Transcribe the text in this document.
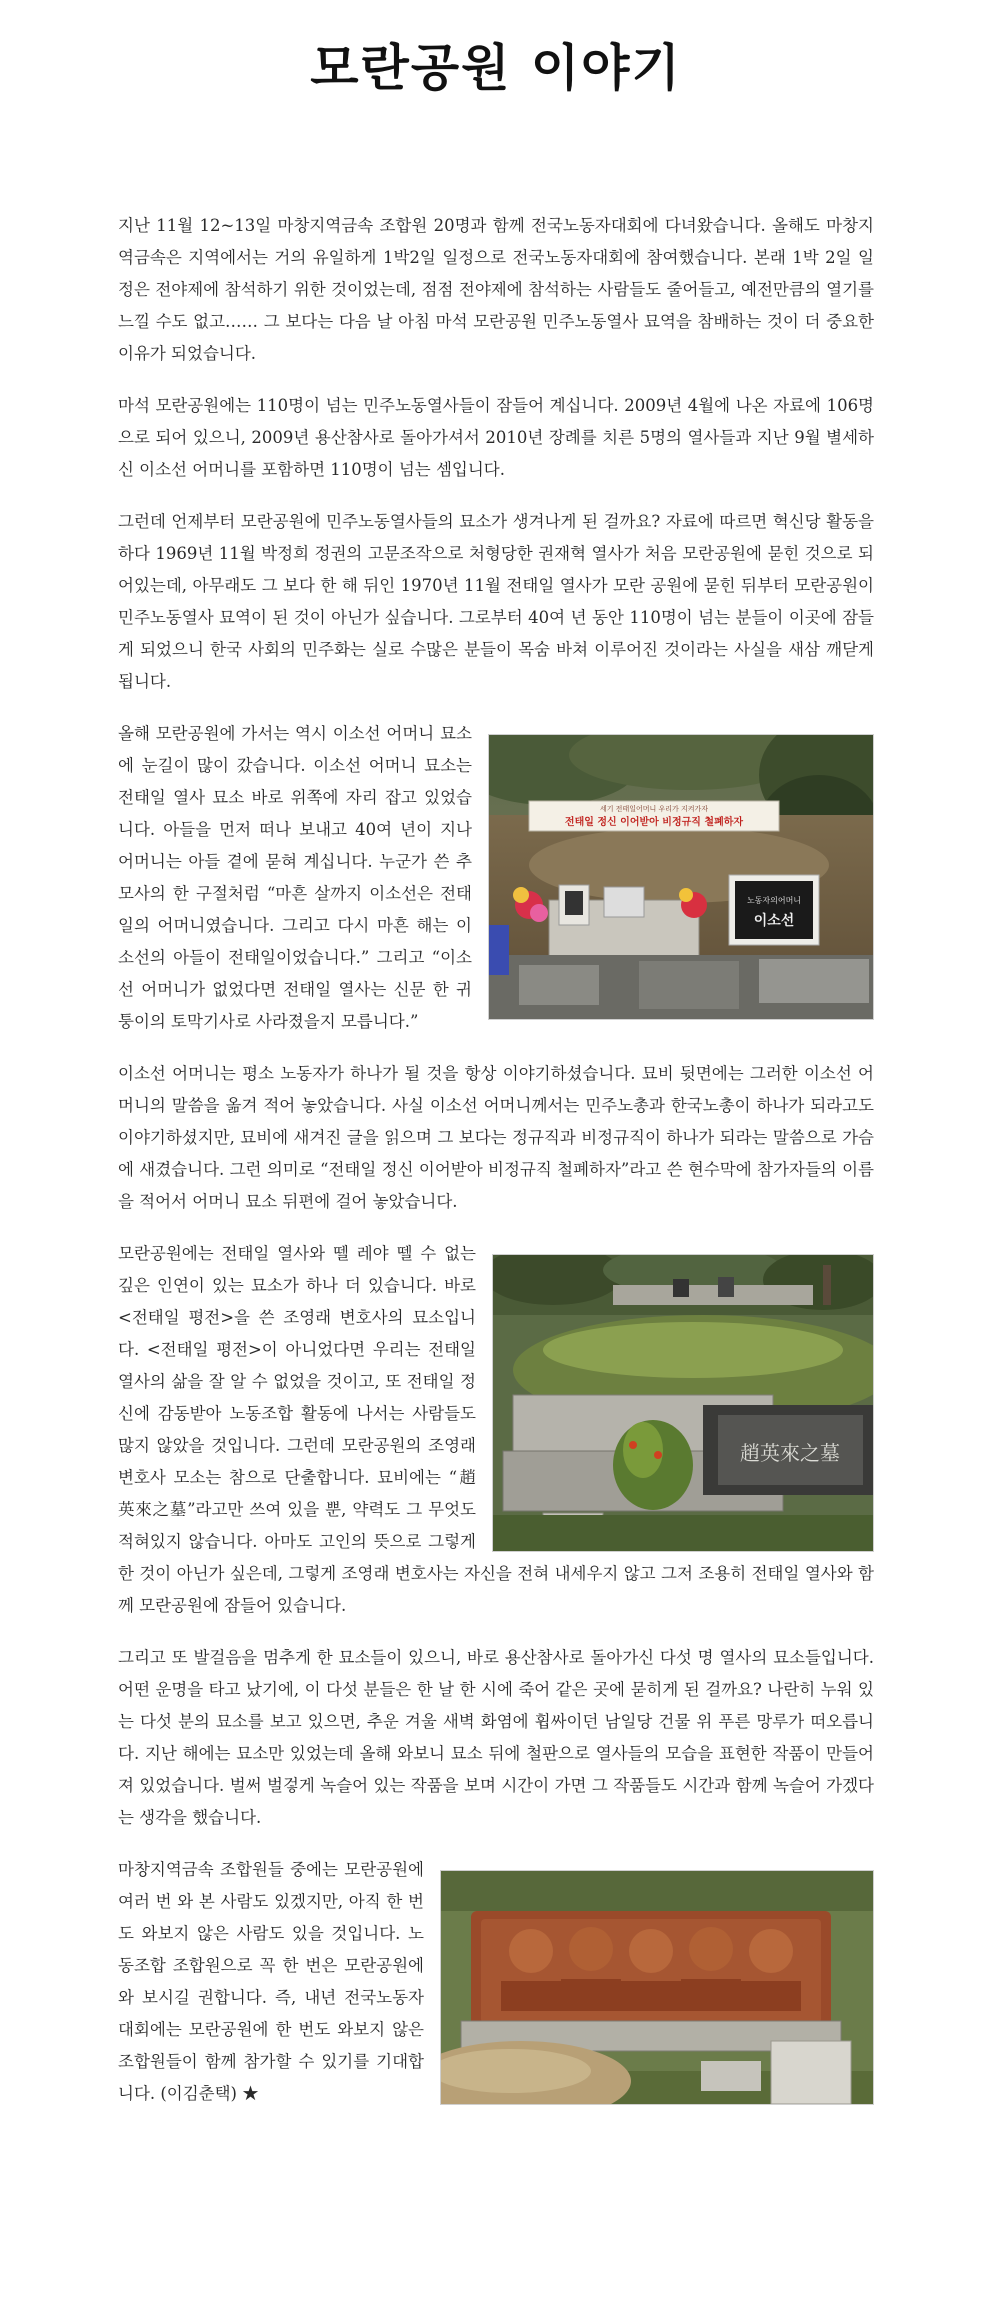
모란공원 이야기

지난 11월 12~13일 마창지역금속 조합원 20명과 함께 전국노동자대회에 다녀왔습니다. 올해도 마창지역금속은 지역에서는 거의 유일하게 1박2일 일정으로 전국노동자대회에 참여했습니다. 본래 1박 2일 일정은 전야제에 참석하기 위한 것이었는데, 점점 전야제에 참석하는 사람들도 줄어들고, 예전만큼의 열기를 느낄 수도 없고…… 그 보다는 다음 날 아침 마석 모란공원 민주노동열사 묘역을 참배하는 것이 더 중요한 이유가 되었습니다.

마석 모란공원에는 110명이 넘는 민주노동열사들이 잠들어 계십니다. 2009년 4월에 나온 자료에 106명으로 되어 있으니, 2009년 용산참사로 돌아가셔서 2010년 장례를 치른 5명의 열사들과 지난 9월 별세하신 이소선 어머니를 포함하면 110명이 넘는 셈입니다.

그런데 언제부터 모란공원에 민주노동열사들의 묘소가 생겨나게 된 걸까요? 자료에 따르면 혁신당 활동을 하다 1969년 11월 박정희 정권의 고문조작으로 처형당한 권재혁 열사가 처음 모란공원에 묻힌 것으로 되어있는데, 아무래도 그 보다 한 해 뒤인 1970년 11월 전태일 열사가 모란 공원에 묻힌 뒤부터 모란공원이 민주노동열사 묘역이 된 것이 아닌가 싶습니다. 그로부터 40여 년 동안 110명이 넘는 분들이 이곳에 잠들게 되었으니 한국 사회의 민주화는 실로 수많은 분들이 목숨 바쳐 이루어진 것이라는 사실을 새삼 깨닫게 됩니다.

세기 전태일어머니 우리가 지켜가자
전태일 정신 이어받아 비정규직 철폐하자
노동자의어머니
이소선

올해 모란공원에 가서는 역시 이소선 어머니 묘소에 눈길이 많이 갔습니다. 이소선 어머니 묘소는 전태일 열사 묘소 바로 위쪽에 자리 잡고 있었습니다. 아들을 먼저 떠나 보내고 40여 년이 지나 어머니는 아들 곁에 묻혀 계십니다. 누군가 쓴 추모사의 한 구절처럼 “마흔 살까지 이소선은 전태일의 어머니였습니다. 그리고 다시 마흔 해는 이소선의 아들이 전태일이었습니다.” 그리고 “이소선 어머니가 없었다면 전태일 열사는 신문 한 귀퉁이의 토막기사로 사라졌을지 모릅니다.”

이소선 어머니는 평소 노동자가 하나가 될 것을 항상 이야기하셨습니다. 묘비 뒷면에는 그러한 이소선 어머니의 말씀을 옮겨 적어 놓았습니다. 사실 이소선 어머니께서는 민주노총과 한국노총이 하나가 되라고도 이야기하셨지만, 묘비에 새겨진 글을 읽으며 그 보다는 정규직과 비정규직이 하나가 되라는 말씀으로 가슴에 새겼습니다. 그런 의미로 “전태일 정신 이어받아 비정규직 철폐하자”라고 쓴 현수막에 참가자들의 이름을 적어서 어머니 묘소 뒤편에 걸어 놓았습니다.

趙英來之墓

모란공원에는 전태일 열사와 뗄 레야 뗄 수 없는 깊은 인연이 있는 묘소가 하나 더 있습니다. 바로 <전태일 평전>을 쓴 조영래 변호사의 묘소입니다. <전태일 평전>이 아니었다면 우리는 전태일 열사의 삶을 잘 알 수 없었을 것이고, 또 전태일 정신에 감동받아 노동조합 활동에 나서는 사람들도 많지 않았을 것입니다. 그런데 모란공원의 조영래 변호사 모소는 참으로 단출합니다. 묘비에는 “趙英來之墓”라고만 쓰여 있을 뿐, 약력도 그 무엇도 적혀있지 않습니다. 아마도 고인의 뜻으로 그렇게 한 것이 아닌가 싶은데, 그렇게 조영래 변호사는 자신을 전혀 내세우지 않고 그저 조용히 전태일 열사와 함께 모란공원에 잠들어 있습니다.

그리고 또 발걸음을 멈추게 한 묘소들이 있으니, 바로 용산참사로 돌아가신 다섯 명 열사의 묘소들입니다. 어떤 운명을 타고 났기에, 이 다섯 분들은 한 날 한 시에 죽어 같은 곳에 묻히게 된 걸까요? 나란히 누워 있는 다섯 분의 묘소를 보고 있으면, 추운 겨울 새벽 화염에 휩싸이던 남일당 건물 위 푸른 망루가 떠오릅니다. 지난 해에는 묘소만 있었는데 올해 와보니 묘소 뒤에 철판으로 열사들의 모습을 표현한 작품이 만들어져 있었습니다. 벌써 벌겋게 녹슬어 있는 작품을 보며 시간이 가면 그 작품들도 시간과 함께 녹슬어 가겠다는 생각을 했습니다.

마창지역금속 조합원들 중에는 모란공원에 여러 번 와 본 사람도 있겠지만, 아직 한 번도 와보지 않은 사람도 있을 것입니다. 노동조합 조합원으로 꼭 한 번은 모란공원에 와 보시길 권합니다. 즉, 내년 전국노동자대회에는 모란공원에 한 번도 와보지 않은 조합원들이 함께 참가할 수 있기를 기대합니다. (이김춘택) ★
